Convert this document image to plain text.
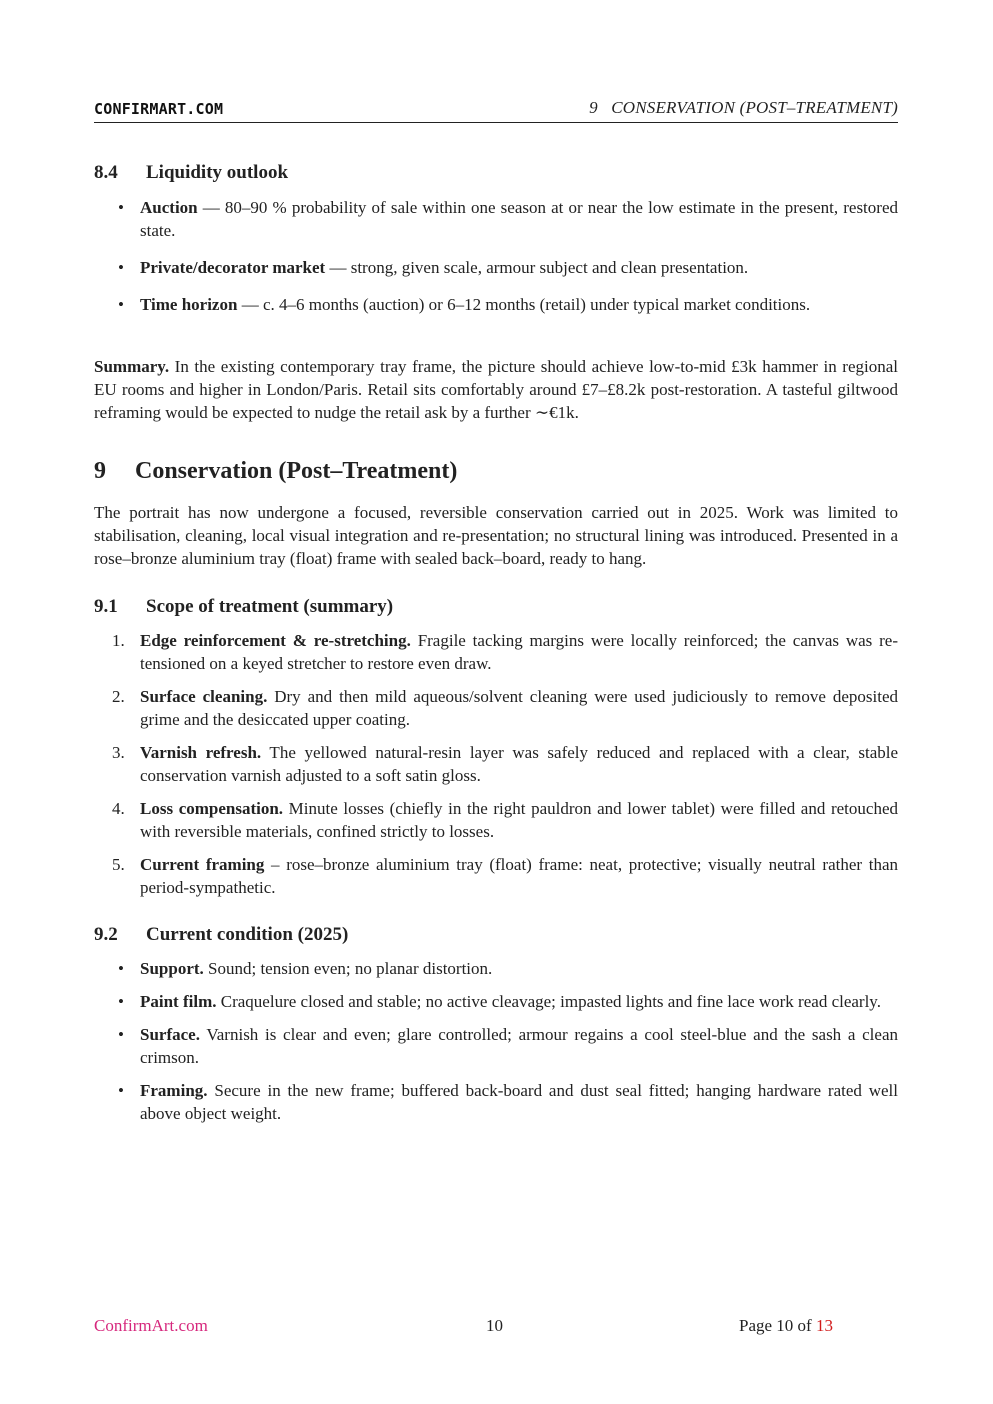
CONFIRMART.COM	9   CONSERVATION (POST–TREATMENT)
8.4 Liquidity outlook
• Auction — 80–90 % probability of sale within one season at or near the low estimate in the present, restored state.
• Private/decorator market — strong, given scale, armour subject and clean presentation.
• Time horizon — c. 4–6 months (auction) or 6–12 months (retail) under typical market conditions.

Summary. In the existing contemporary tray frame, the picture should achieve low-to-mid £3k hammer in regional EU rooms and higher in London/Paris. Retail sits comfortably around £7–£8.2k post-restoration. A tasteful giltwood reframing would be expected to nudge the retail ask by a further ∼€1k.

9 Conservation (Post–Treatment)

The portrait has now undergone a focused, reversible conservation carried out in 2025. Work was limited to stabilisation, cleaning, local visual integration and re-presentation; no structural lining was introduced. Presented in a rose–bronze aluminium tray (float) frame with sealed back–board, ready to hang.

9.1 Scope of treatment (summary)
1. Edge reinforcement & re-stretching. Fragile tacking margins were locally reinforced; the canvas was re-tensioned on a keyed stretcher to restore even draw.
2. Surface cleaning. Dry and then mild aqueous/solvent cleaning were used judiciously to remove deposited grime and the desiccated upper coating.
3. Varnish refresh. The yellowed natural-resin layer was safely reduced and replaced with a clear, stable conservation varnish adjusted to a soft satin gloss.
4. Loss compensation. Minute losses (chiefly in the right pauldron and lower tablet) were filled and retouched with reversible materials, confined strictly to losses.
5. Current framing – rose–bronze aluminium tray (float) frame: neat, protective; visually neutral rather than period-sympathetic.
9.2 Current condition (2025)
• Support. Sound; tension even; no planar distortion.
• Paint film. Craquelure closed and stable; no active cleavage; impasted lights and fine lace work read clearly.
• Surface. Varnish is clear and even; glare controlled; armour regains a cool steel-blue and the sash a clean crimson.
• Framing. Secure in the new frame; buffered back-board and dust seal fitted; hanging hardware rated well above object weight.
ConfirmArt.com	10	Page 10 of 13
